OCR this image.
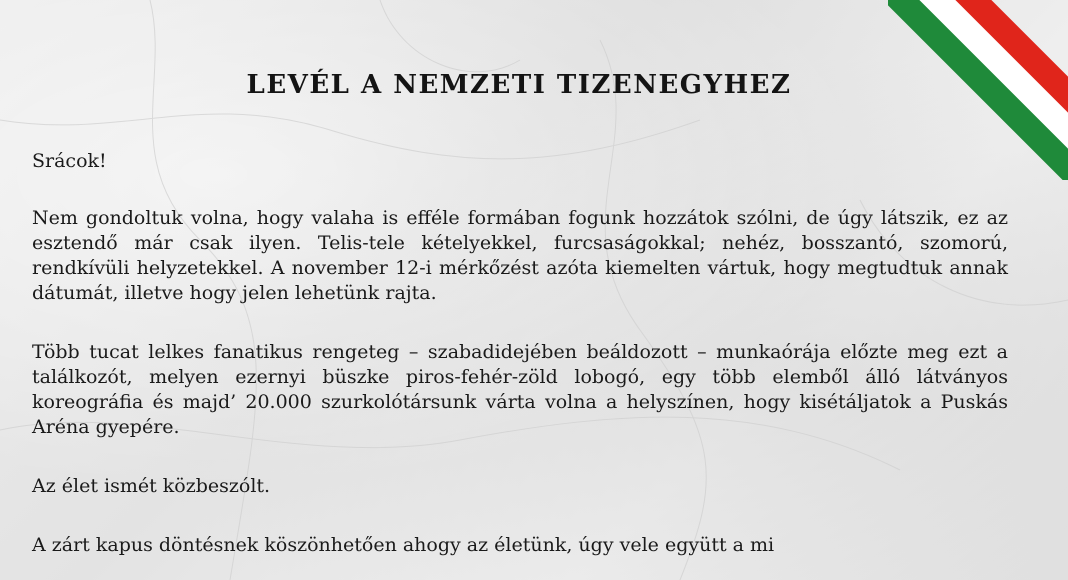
LEVÉL A NEMZETI TIZENEGYHEZ

Srácok!

Nem gondoltuk volna, hogy valaha is efféle formában fogunk hozzátok szólni, de úgy látszik, ez az esztendő már csak ilyen. Telis-tele kételyekkel, furcsaságokkal; nehéz, bosszantó, szomorú, rendkívüli helyzetekkel. A november 12-i mérkőzést azóta kiemelten vártuk, hogy megtudtuk annak dátumát, illetve hogy jelen lehetünk rajta.

Több tucat lelkes fanatikus rengeteg – szabadidejében beáldozott – munkaórája előzte meg ezt a találkozót, melyen ezernyi büszke piros-fehér-zöld lobogó, egy több elemből álló látványos koreográfia és majd’ 20.000 szurkolótársunk várta volna a helyszínen, hogy kisétáljatok a Puskás Aréna gyepére.

Az élet ismét közbeszólt.

A zárt kapus döntésnek köszönhetően ahogy az életünk, úgy vele együtt a mi
